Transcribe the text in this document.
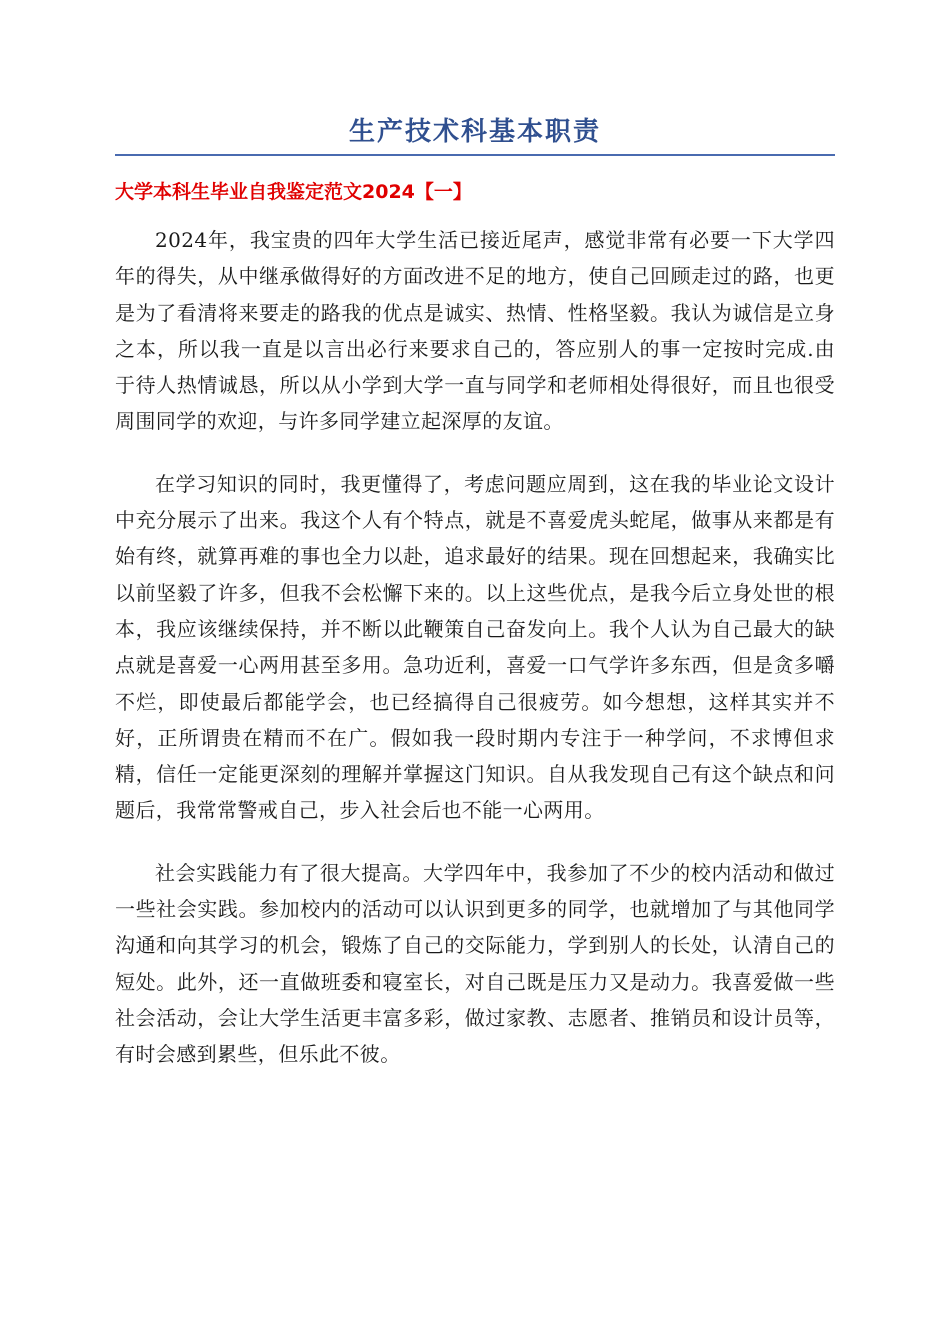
生产技术科基本职责
大学本科生毕业自我鉴定范文2024【一】

2024年，我宝贵的四年大学生活已接近尾声，感觉非常有必要一下大学四年的得失，从中继承做得好的方面改进不足的地方，使自己回顾走过的路，也更是为了看清将来要走的路我的优点是诚实、热情、性格坚毅。我认为诚信是立身之本，所以我一直是以言出必行来要求自己的，答应别人的事一定按时完成.由于待人热情诚恳，所以从小学到大学一直与同学和老师相处得很好，而且也很受周围同学的欢迎，与许多同学建立起深厚的友谊。

在学习知识的同时，我更懂得了，考虑问题应周到，这在我的毕业论文设计中充分展示了出来。我这个人有个特点，就是不喜爱虎头蛇尾，做事从来都是有始有终，就算再难的事也全力以赴，追求最好的结果。现在回想起来，我确实比以前坚毅了许多，但我不会松懈下来的。以上这些优点，是我今后立身处世的根本，我应该继续保持，并不断以此鞭策自己奋发向上。我个人认为自己最大的缺点就是喜爱一心两用甚至多用。急功近利，喜爱一口气学许多东西，但是贪多嚼不烂，即使最后都能学会，也已经搞得自己很疲劳。如今想想，这样其实并不好，正所谓贵在精而不在广。假如我一段时期内专注于一种学问，不求博但求精，信任一定能更深刻的理解并掌握这门知识。自从我发现自己有这个缺点和问题后，我常常警戒自己，步入社会后也不能一心两用。

社会实践能力有了很大提高。大学四年中，我参加了不少的校内活动和做过一些社会实践。参加校内的活动可以认识到更多的同学，也就增加了与其他同学沟通和向其学习的机会，锻炼了自己的交际能力，学到别人的长处，认清自己的短处。此外，还一直做班委和寝室长，对自己既是压力又是动力。我喜爱做一些社会活动，会让大学生活更丰富多彩，做过家教、志愿者、推销员和设计员等，有时会感到累些，但乐此不彼。
